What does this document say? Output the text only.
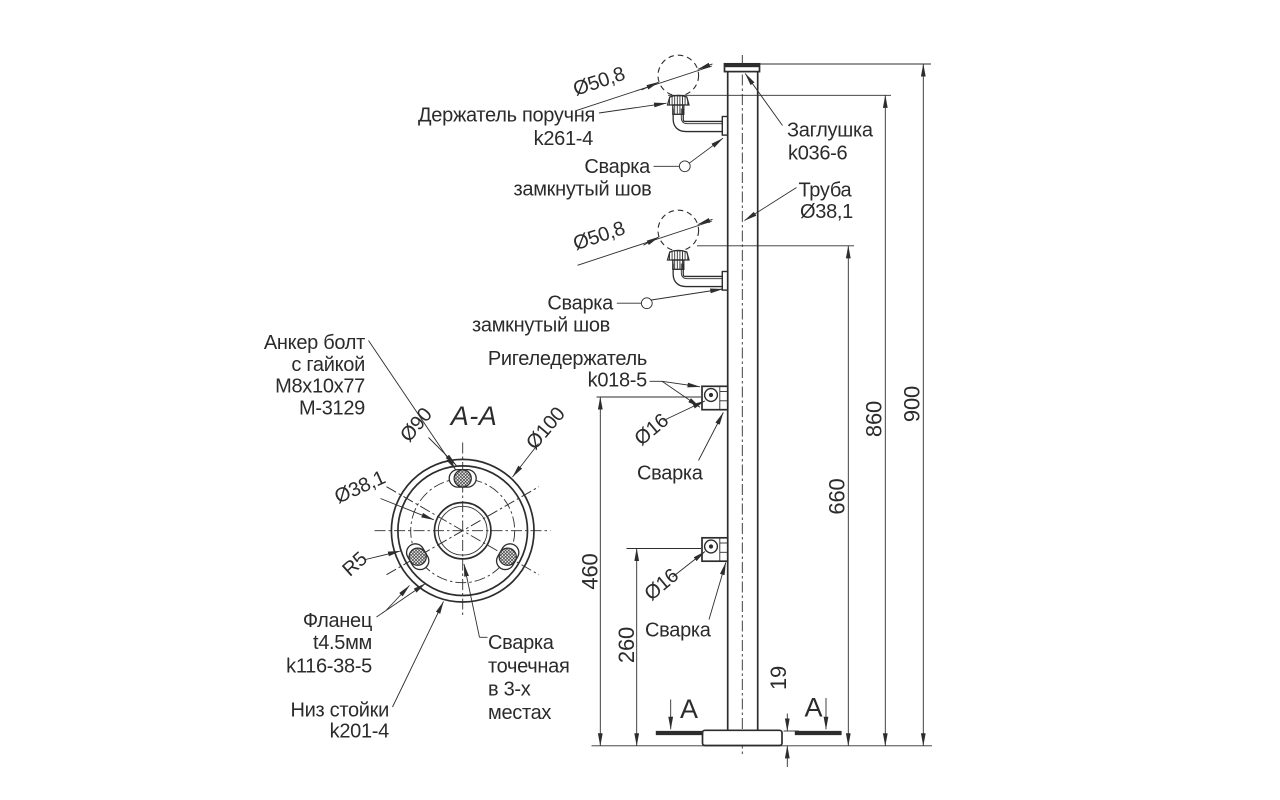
Держатель поручня
k261-4
Сварка
замкнутый шов
Заглушка
k036-6
Труба
Ø38,1
Ø50,8
Ø50,8
Сварка
замкнутый шов
Ригеледержатель
k018-5
Ø16
Сварка
Ø16
Сварка
460
260
660
860 900
19
A	A
A-A
Анкер болт
с гайкой
M8x10x77
M-3129 Ø90	Ø100
Ø38,1
R5
Фланец
t4.5мм
k116-38-5
Низ стойки
k201-4
Сварка
точечная
в 3-х
местах
